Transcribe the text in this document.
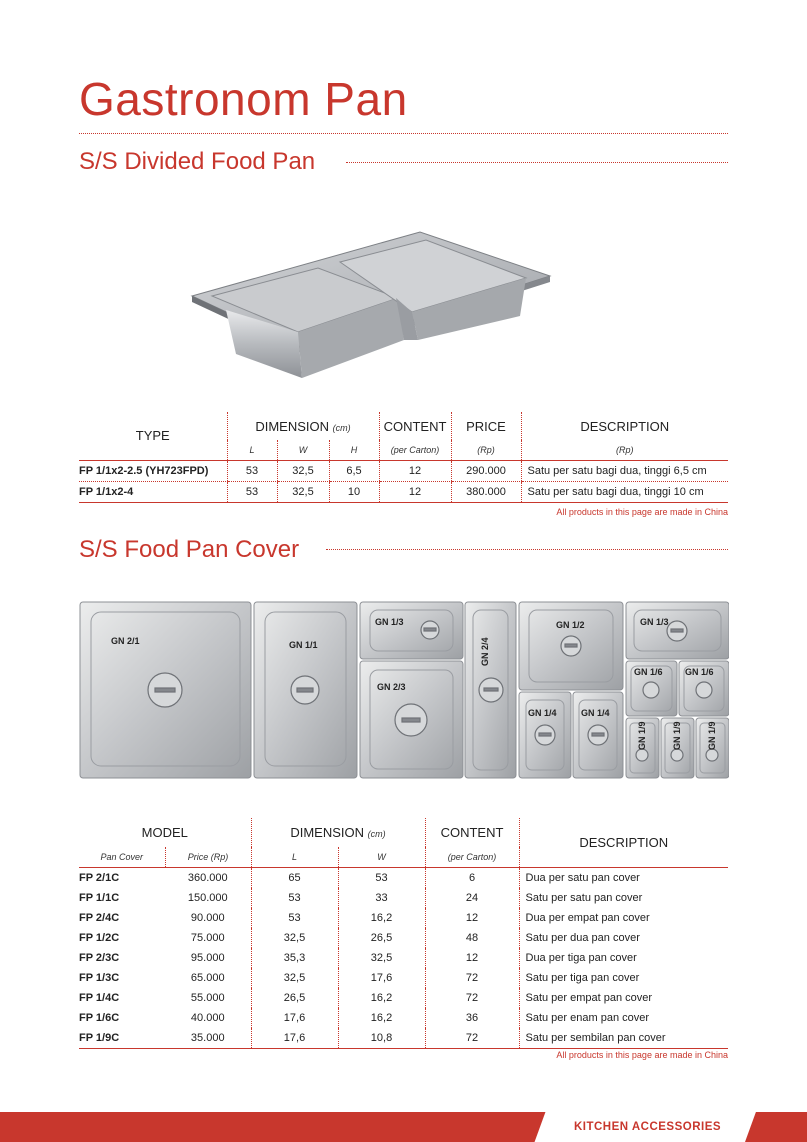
Gastronom Pan
S/S Divided Food Pan
TYPE	DIMENSION (cm)			CONTENT	PRICE	DESCRIPTION
	L	W	H	(per Carton)	(Rp)	(Rp)
FP 1/1x2-2.5 (YH723FPD)	53	32,5	6,5	12	290.000	Satu per satu bagi dua, tinggi 6,5 cm
FP 1/1x2-4	53	32,5	10	12	380.000	Satu per satu bagi dua, tinggi 10 cm
All products in this page are made in China
S/S Food Pan Cover
GN 2/1	GN 1/1
GN 1/3
GN 2/3
GN 2/4
GN 1/2
GN 1/4	GN 1/4
GN 1/3
GN 1/6 GN 1/6
GN 1/9	GN 1/9	GN 1/9
MODEL		DIMENSION (cm)		CONTENT	DESCRIPTION
Pan Cover	Price (Rp)	L	W	(per Carton)	
FP 2/1C	360.000	65	53	6	Dua per satu pan cover
FP 1/1C	150.000	53	33	24	Satu per satu pan cover
FP 2/4C	90.000	53	16,2	12	Dua per empat pan cover
FP 1/2C	75.000	32,5	26,5	48	Satu per dua pan cover
FP 2/3C	95.000	35,3	32,5	12	Dua per tiga pan cover
FP 1/3C	65.000	32,5	17,6	72	Satu per tiga pan cover
FP 1/4C	55.000	26,5	16,2	72	Satu per empat pan cover
FP 1/6C	40.000	17,6	16,2	36	Satu per enam pan cover
FP 1/9C	35.000	17,6	10,8	72	Satu per sembilan pan cover
All products in this page are made in China
KITCHEN ACCESSORIES
